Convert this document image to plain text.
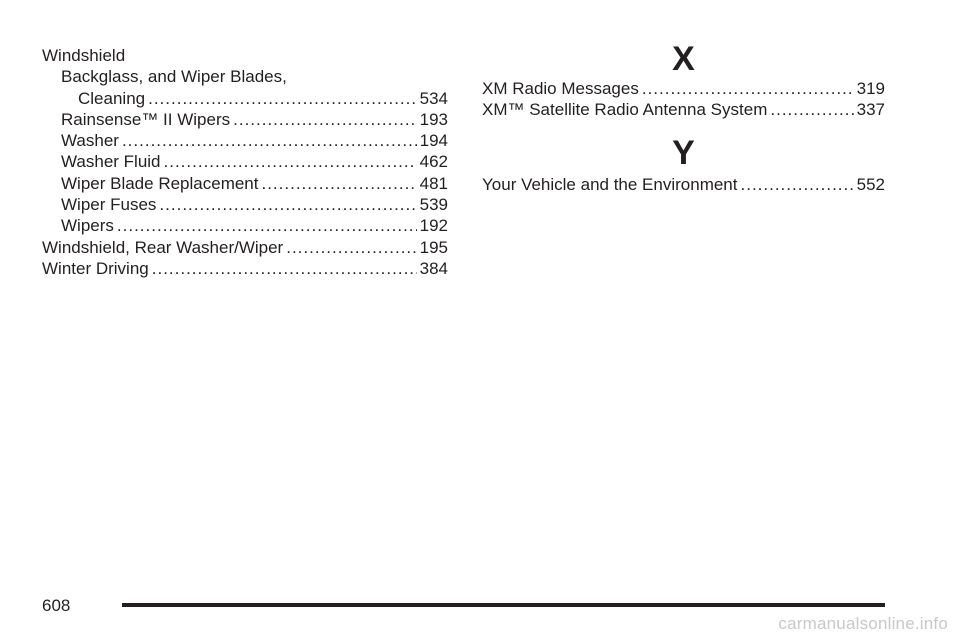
Windshield
Backglass, and Wiper Blades,
Cleaning .....	534
Rainsense™ II Wipers .....	193
Washer .....	194
Washer Fluid .....	462
Wiper Blade Replacement .....	481
Wiper Fuses .....	539
Wipers .....	192
Windshield, Rear Washer/Wiper .....	195
Winter Driving .....	384
X
XM Radio Messages .....	319
XM™ Satellite Radio Antenna System .....	337
Y
Your Vehicle and the Environment .....	552
608
carmanualsonline.info
